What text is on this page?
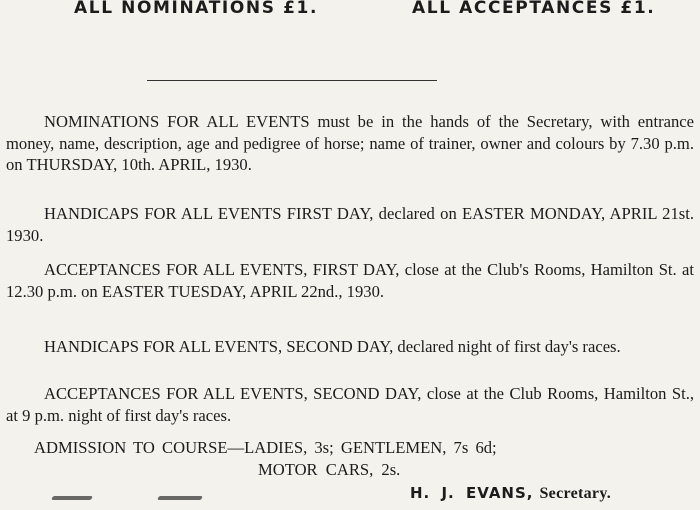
ALL NOMINATIONS £1.	ALL ACCEPTANCES £1.

NOMINATIONS FOR ALL EVENTS must be in the hands of the Secretary, with entrance money, name, description, age and pedigree of horse; name of trainer, owner and colours by 7.30 p.m. on THURSDAY, 10th. APRIL, 1930.

HANDICAPS FOR ALL EVENTS FIRST DAY, declared on EASTER MONDAY, APRIL 21st. 1930.

ACCEPTANCES FOR ALL EVENTS, FIRST DAY, close at the Club's Rooms, Hamilton St. at 12.30 p.m. on EASTER TUESDAY, APRIL 22nd., 1930.

HANDICAPS FOR ALL EVENTS, SECOND DAY, declared night of first day's races.

ACCEPTANCES FOR ALL EVENTS, SECOND DAY, close at the Club Rooms, Hamilton St., at 9 p.m. night of first day's races.

ADMISSION TO COURSE—LADIES, 3s; GENTLEMEN, 7s 6d;
MOTOR CARS, 2s.
H. J. EVANS, Secretary.
